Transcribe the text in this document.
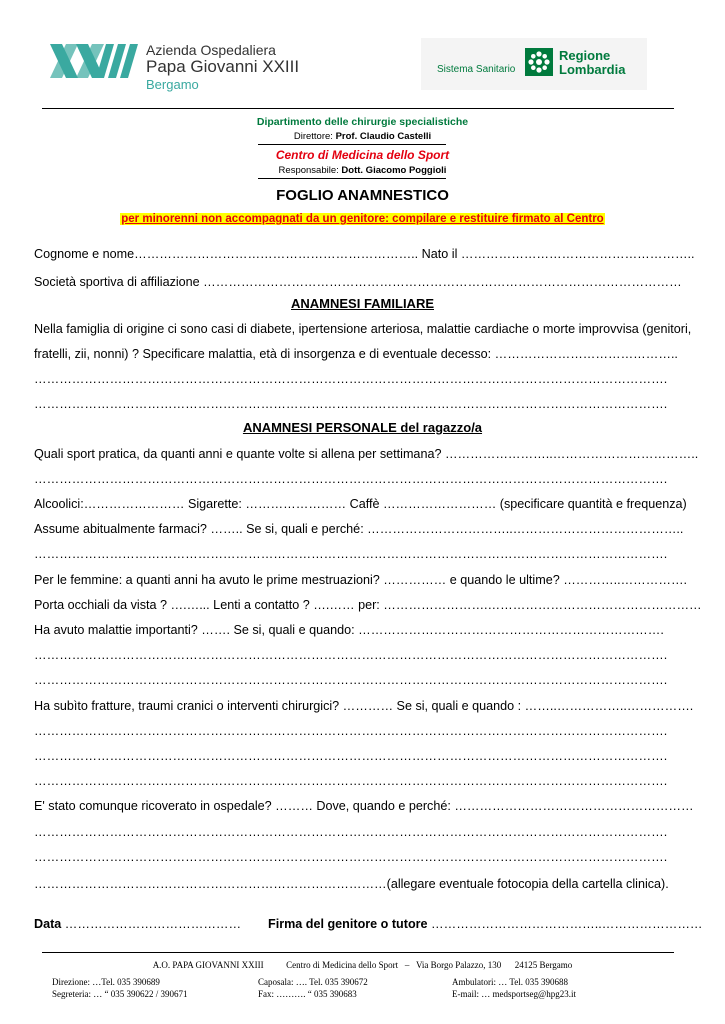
Azienda Ospedaliera
Papa Giovanni XXIII
Bergamo
Sistema Sanitario
Regione
Lombardia
Dipartimento delle chirurgie specialistiche
Direttore: Prof. Claudio Castelli
Centro di Medicina dello Sport
Responsabile: Dott. Giacomo Poggioli
FOGLIO ANAMNESTICO
per minorenni non accompagnati da un genitore: compilare e restituire firmato al Centro
Cognome e nome………………………………………………………….. Nato il ………………………………………………..
Società sportiva di affiliazione ……………………………………………………………………………………………………
ANAMNESI FAMILIARE
Nella famiglia di origine ci sono casi di diabete, ipertensione arteriosa, malattie cardiache o morte improvvisa (genitori,
fratelli, zii, nonni) ? Specificare malattia, età di insorgenza e di eventuale decesso: ……………………………………..
…………………………………………………………………………………………………………………………………….
…………………………………………………………………………………………………………………………………….
ANAMNESI PERSONALE del ragazzo/a
Quali sport pratica, da quanti anni e quante volte si allena per settimana? ……………………..……………………………..
…………………………………………………………………………………………………………………………………….
Alcoolici:…………………… Sigarette: …………………… Caffè ……………………… (specificare quantità e frequenza)
Assume abitualmente farmaci? …….. Se si, quali e perché: ……………………………..…………………………………..
…………………………………………………………………………………………………………………………………….
Per le femmine: a quanti anni ha avuto le prime mestruazioni? …………… e quando le ultime? …………..…………….
Porta occhiali da vista ? ….…... Lenti a contatto ? ….…… per: …………………….……………………………………………
Ha avuto malattie importanti? ……. Se si, quali e quando: ……………………………………………………………….
…………………………………………………………………………………………………………………………………….
…………………………………………………………………………………………………………………………………….
Ha subìto fratture, traumi cranici o interventi chirurgici? ………… Se si, quali e quando : ……..……………..…………….
…………………………………………………………………………………………………………………………………….
…………………………………………………………………………………………………………………………………….
…………………………………………………………………………………………………………………………………….
E' stato comunque ricoverato in ospedale? ……… Dove, quando e perché: …………………………………………………
…………………………………………………………………………………………………………………………………….
…………………………………………………………………………………………………………………………………….
…………………………………………………………………………(allegare eventuale fotocopia della cartella clinica).
Data …………………………………… Firma del genitore o tutore …………………………………..……………………
A.O. PAPA GIOVANNI XXIII          Centro di Medicina dello Sport   –   Via Borgo Palazzo, 130      24125 Bergamo
Direzione: …Tel. 035 390689
Segreteria: … “ 035 390622 / 390671
Caposala: …. Tel. 035 390672
Fax: ………. “ 035 390683
Ambulatori: … Tel. 035 390688
E-mail: … medsportseg@hpg23.it
